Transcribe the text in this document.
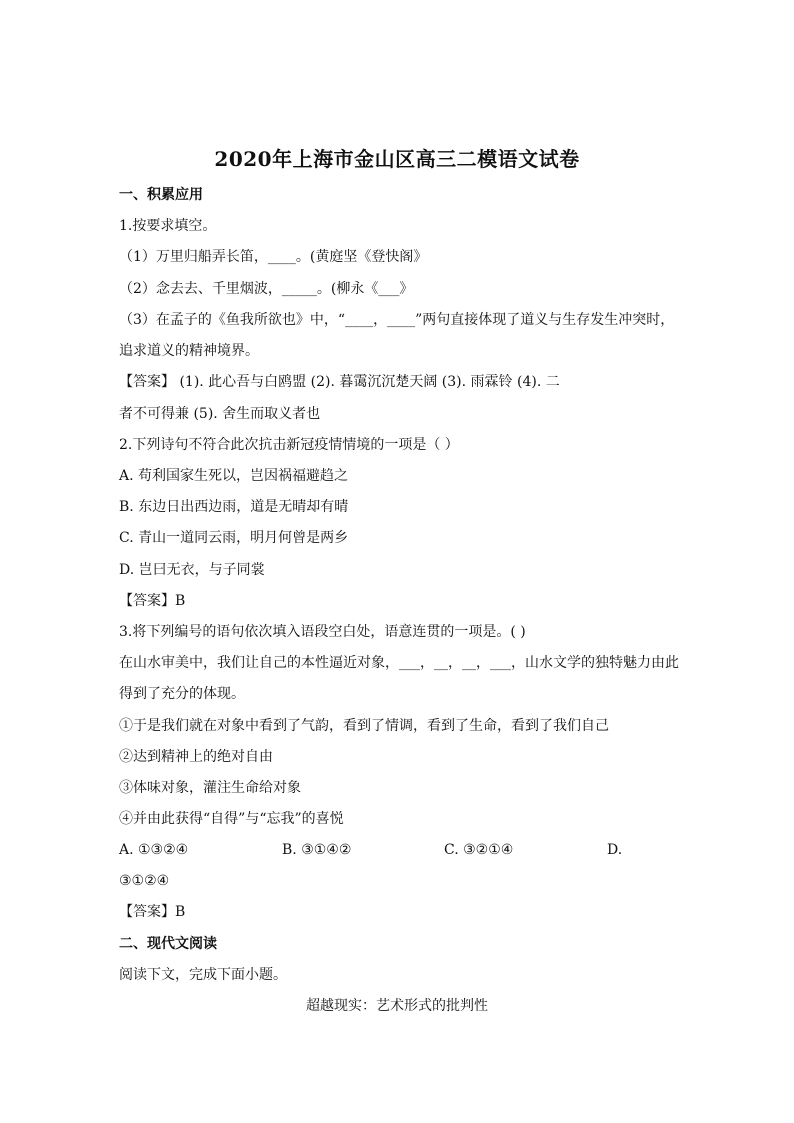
2020年上海市金山区高三二模语文试卷
一、积累应用
1.按要求填空。
（1）万里归船弄长笛，____。(黄庭坚《登快阁》
（2）念去去、千里烟波，_____。(柳永《___》
（3）在孟子的《鱼我所欲也》中，“____，____”两句直接体现了道义与生存发生冲突时，
追求道义的精神境界。
【答案】 (1). 此心吾与白鸥盟 (2). 暮霭沉沉楚天阔 (3). 雨霖铃 (4). 二
者不可得兼 (5). 舍生而取义者也
2.下列诗句不符合此次抗击新冠疫情情境的一项是（ ）
A. 苟利国家生死以，岂因祸福避趋之
B. 东边日出西边雨，道是无晴却有晴
C. 青山一道同云雨，明月何曾是两乡
D. 岂曰无衣，与子同裳
【答案】B
3.将下列编号的语句依次填入语段空白处，语意连贯的一项是。( )
在山水审美中，我们让自己的本性逼近对象，___，__，__，___，山水文学的独特魅力由此
得到了充分的体现。
①于是我们就在对象中看到了气韵，看到了情调，看到了生命，看到了我们自己
②达到精神上的绝对自由
③体味对象，灌注生命给对象
④并由此获得“自得”与“忘我”的喜悦
A. ①③②④	B. ③①④②	C. ③②①④	D.
③①②④
【答案】B
二、现代文阅读
阅读下文，完成下面小题。
超越现实：艺术形式的批判性
